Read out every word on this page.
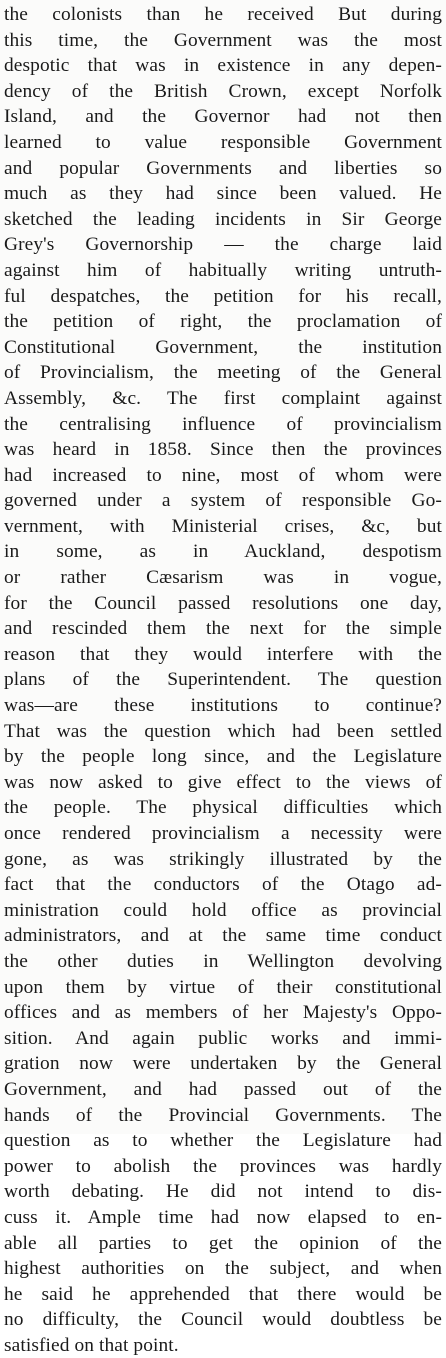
the colonists than he received But during
this time, the Government was the most
despotic that was in existence in any depen-
dency of the British Crown, except Norfolk
Island, and the Governor had not then
learned to value responsible Government
and popular Governments and liberties so
much as they had since been valued. He
sketched the leading incidents in Sir George
Grey's Governorship — the charge laid
against him of habitually writing untruth-
ful despatches, the petition for his recall,
the petition of right, the proclamation of
Constitutional Government, the institution
of Provincialism, the meeting of the General
Assembly, &c. The first complaint against
the centralising influence of provincialism
was heard in 1858. Since then the provinces
had increased to nine, most of whom were
governed under a system of responsible Go-
vernment, with Ministerial crises, &c, but
in some, as in Auckland, despotism
or rather Cæsarism was in vogue,
for the Council passed resolutions one day,
and rescinded them the next for the simple
reason that they would interfere with the
plans of the Superintendent. The question
was—are these institutions to continue?
That was the question which had been settled
by the people long since, and the Legislature
was now asked to give effect to the views of
the people. The physical difficulties which
once rendered provincialism a necessity were
gone, as was strikingly illustrated by the
fact that the conductors of the Otago ad-
ministration could hold office as provincial
administrators, and at the same time conduct
the other duties in Wellington devolving
upon them by virtue of their constitutional
offices and as members of her Majesty's Oppo-
sition. And again public works and immi-
gration now were undertaken by the General
Government, and had passed out of the
hands of the Provincial Governments. The
question as to whether the Legislature had
power to abolish the provinces was hardly
worth debating. He did not intend to dis-
cuss it. Ample time had now elapsed to en-
able all parties to get the opinion of the
highest authorities on the subject, and when
he said he apprehended that there would be
no difficulty, the Council would doubtless be
satisfied on that point.
